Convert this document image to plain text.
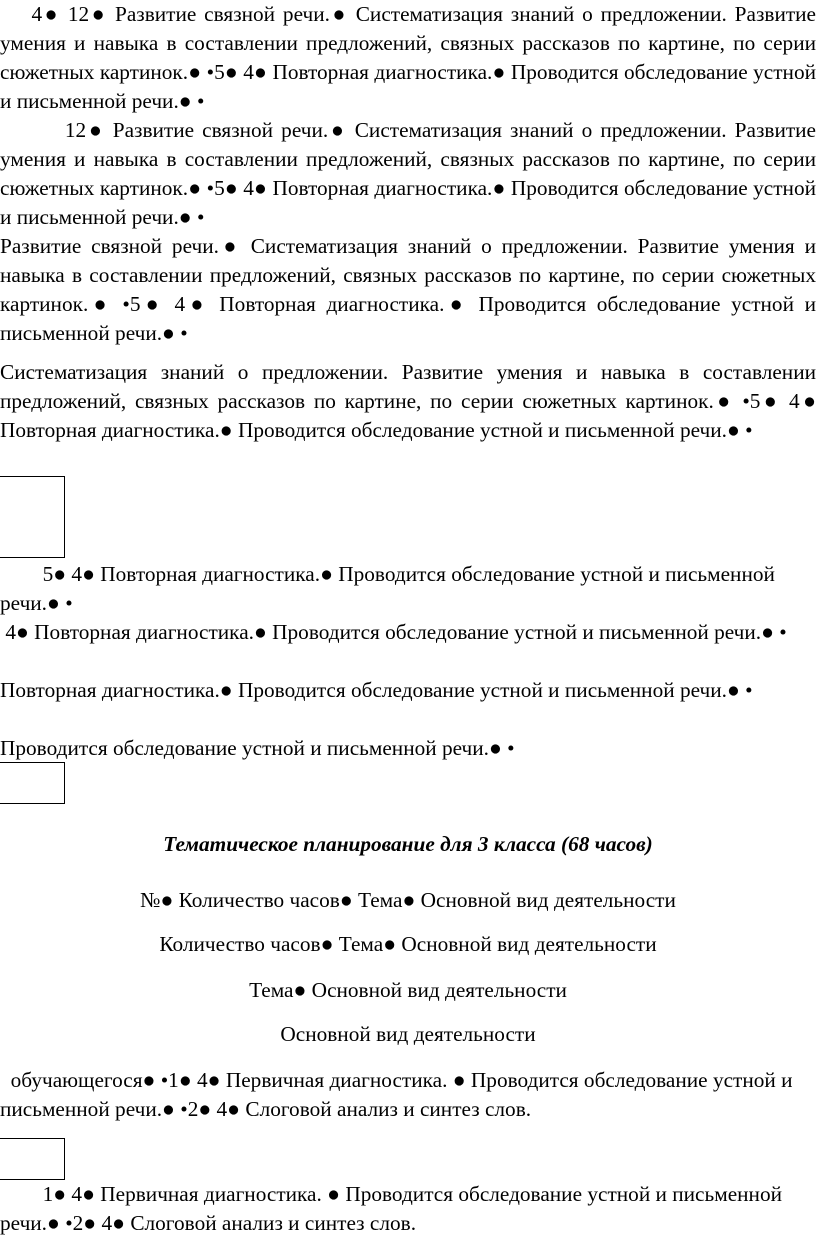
4● 12● Развитие связной речи.● Систематизация знаний о предложении. Развитие умения и навыка в составлении предложений, связных рассказов по картине, по серии сюжетных картинок.● •5● 4● Повторная диагностика.● Проводится обследование устной и письменной речи.● •
12● Развитие связной речи.● Систематизация знаний о предложении. Развитие умения и навыка в составлении предложений, связных рассказов по картине, по серии сюжетных картинок.● •5● 4● Повторная диагностика.● Проводится обследование устной и письменной речи.● •
Развитие связной речи.● Систематизация знаний о предложении. Развитие умения и навыка в составлении предложений, связных рассказов по картине, по серии сюжетных картинок.● •5● 4● Повторная диагностика.● Проводится обследование устной и письменной речи.● •
Систематизация знаний о предложении. Развитие умения и навыка в составлении предложений, связных рассказов по картине, по серии сюжетных картинок.● •5● 4● Повторная диагностика.● Проводится обследование устной и письменной речи.● •
5● 4● Повторная диагностика.● Проводится обследование устной и письменной речи.● •
4● Повторная диагностика.● Проводится обследование устной и письменной речи.● •
Повторная диагностика.● Проводится обследование устной и письменной речи.● •
Проводится обследование устной и письменной речи.● •
Тематическое планирование для 3 класса (68 часов)
№● Количество часов● Тема● Основной вид деятельности
Количество часов● Тема● Основной вид деятельности
Тема● Основной вид деятельности
Основной вид деятельности
обучающегося● •1● 4● Первичная диагностика. ● Проводится обследование устной и письменной речи.● •2● 4● Слоговой анализ и синтез слов.
1● 4● Первичная диагностика. ● Проводится обследование устной и письменной речи.● •2● 4● Слоговой анализ и синтез слов.
